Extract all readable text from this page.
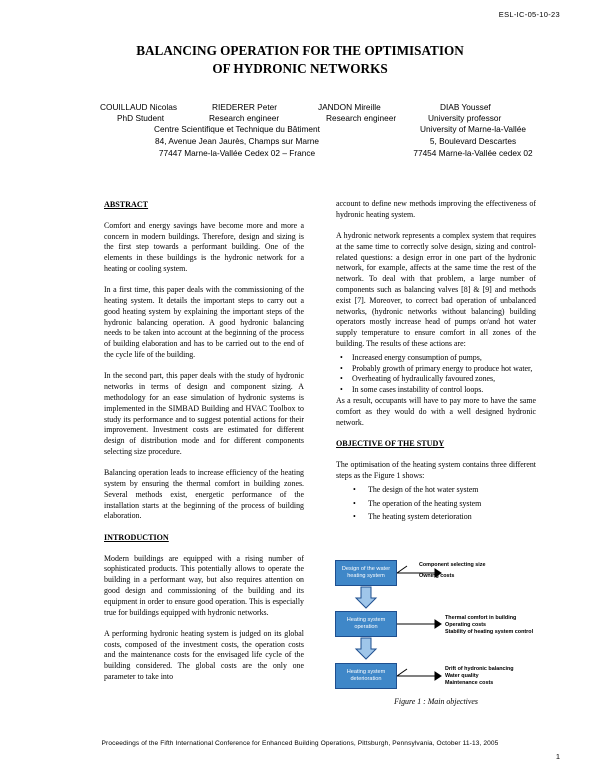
ESL-IC-05-10-23
BALANCING OPERATION FOR THE OPTIMISATION
OF HYDRONIC NETWORKS
COUILLAUD Nicolas	RIEDERER Peter	JANDON Mireille	DIAB Youssef
PhD Student	Research engineer	Research engineer	University professor
Centre Scientifique et Technique du Bâtiment
84, Avenue Jean Jaurès, Champs sur Marne
77447 Marne-la-Vallée Cedex 02 – France
University of Marne-la-Vallée
5, Boulevard Descartes
77454 Marne-la-Vallée cedex 02
ABSTRACT

Comfort and energy savings have become more and more a concern in modern buildings. Therefore, design and sizing is the first step towards a performant building. One of the elements in these buildings is the hydronic network for a heating or cooling system.

In a first time, this paper deals with the commissioning of the heating system. It details the important steps to carry out a good heating system by explaining the important steps of the hydronic balancing operation. A good hydronic balancing needs to be taken into account at the beginning of the process of building elaboration and has to be carried out to the end of the cycle life of the building.

In the second part, this paper deals with the study of hydronic networks in terms of design and component sizing. A methodology for an ease simulation of hydronic systems is implemented in the SIMBAD Building and HVAC Toolbox to study its performance and to suggest potential actions for their improvement. Investment costs are estimated for different design of distribution mode and for different components selecting size procedure.

Balancing operation leads to increase efficiency of the heating system by ensuring the thermal comfort in building zones. Several methods exist, energetic performance of the installation starts at the beginning of the process of building elaboration.

INTRODUCTION

Modern buildings are equipped with a rising number of sophisticated products. This potentially allows to operate the building in a performant way, but also requires attention on good design and commissioning of the building and its equipment in order to ensure good operation. This is especially true for buildings equipped with hydronic networks.

A performing hydronic heating system is judged on its global costs, composed of the investment costs, the operation costs and the maintenance costs for the envisaged life cycle of the building considered. The global costs are the only one parameter to take into

account to define new methods improving the effectiveness of hydronic heating system.

A hydronic network represents a complex system that requires at the same time to correctly solve design, sizing and control-related questions: a design error in one part of the hydronic network, for example, affects at the same time the rest of the network. To deal with that problem, a large number of components such as balancing valves [8] & [9] and methods exist [7]. Moreover, to correct bad operation of unbalanced networks, (hydronic networks without balancing) building operators mostly increase head of pumps or/and hot water supply temperature to ensure comfort in all zones of the building. The results of these actions are:

• Increased energy consumption of pumps,
• Probably growth of primary energy to produce hot water,
• Overheating of hydraulically favoured zones,
• In some cases instability of control loops.

As a result, occupants will have to pay more to have the same comfort as they would do with a well designed hydronic network.

OBJECTIVE OF THE STUDY

The optimisation of the heating system contains three different steps as the Figure 1 shows:

• The design of the hot water system
• The operation of the heating system
• The heating system deterioration
Design of the water
heating system
Heating system
operation
Heating system
deterioration
Component selecting size
Owning costs
Thermal comfort in building
Operating costs
Stability of heating system control
Drift of hydronic balancing
Water quality
Maintenance costs
Figure 1 : Main objectives
Proceedings of the Fifth International Conference for Enhanced Building Operations, Pittsburgh, Pennsylvania, October 11-13, 2005
1
